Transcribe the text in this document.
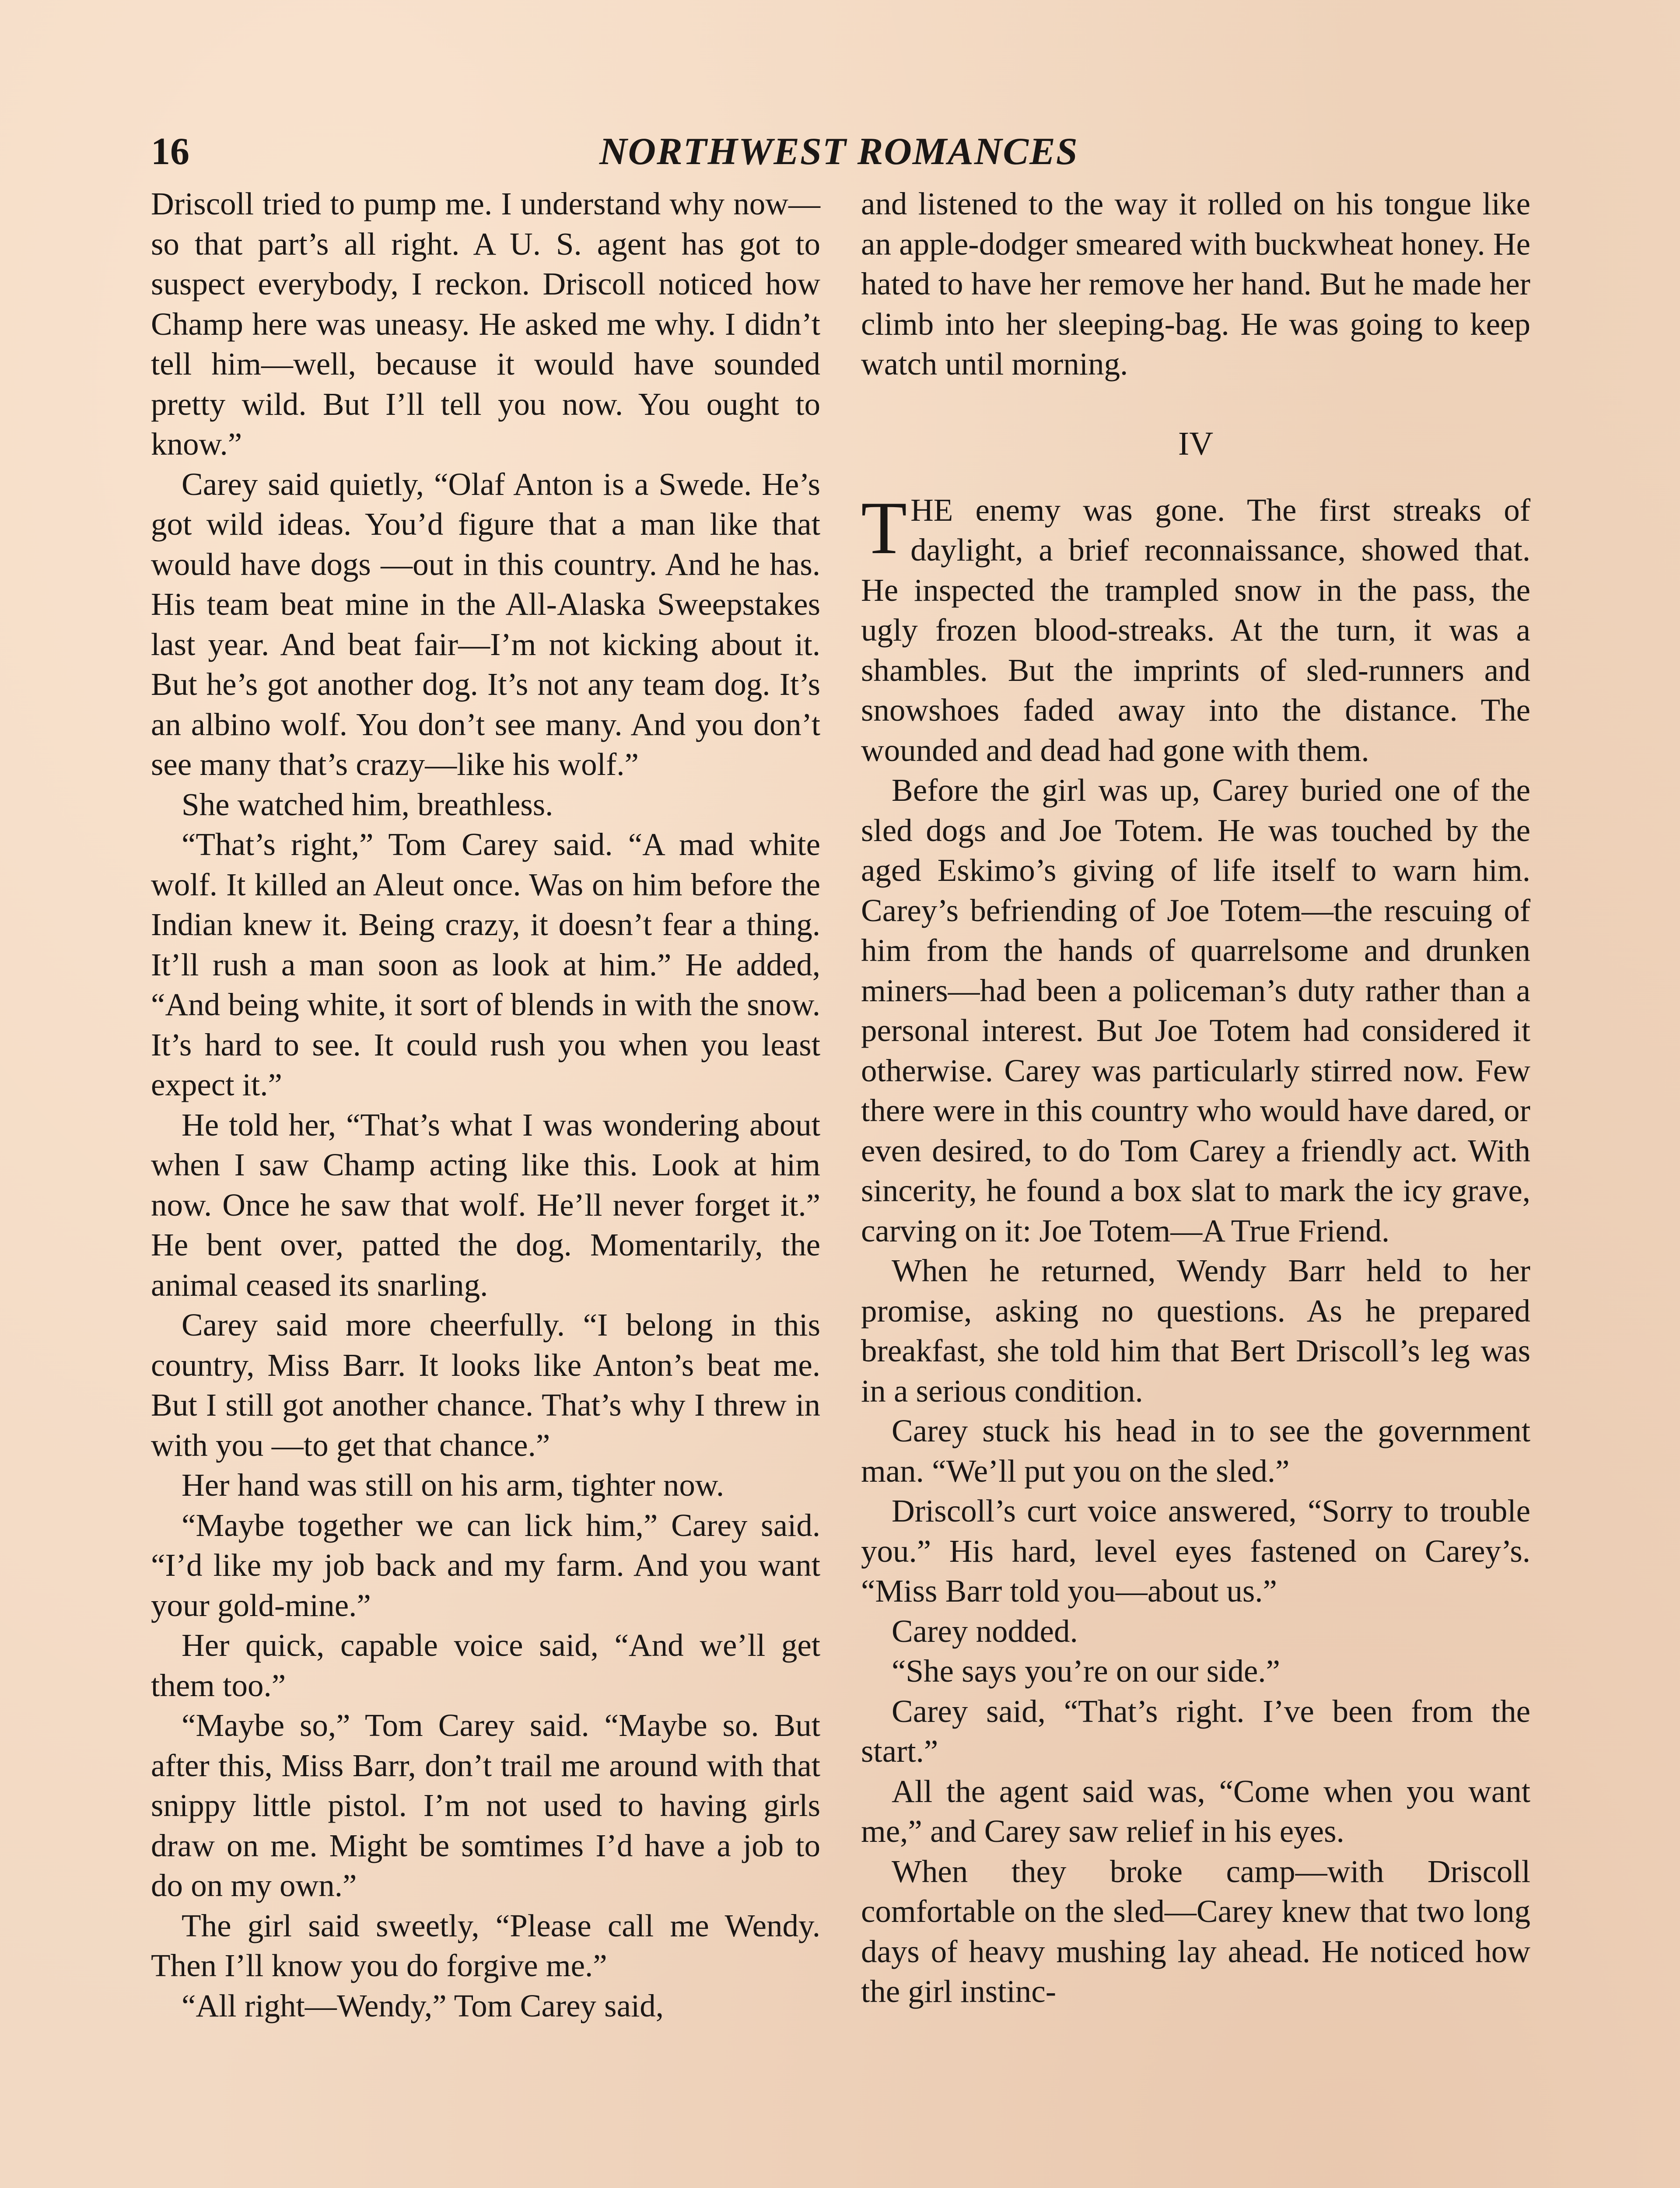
16	NORTHWEST ROMANCES

Driscoll tried to pump me. I understand why now—so that part’s all right. A U. S. agent has got to suspect everybody, I reckon. Driscoll noticed how Champ here was uneasy. He asked me why. I didn’t tell him—well, because it would have sounded pretty wild. But I’ll tell you now. You ought to know.”

Carey said quietly, “Olaf Anton is a Swede. He’s got wild ideas. You’d figure that a man like that would have dogs —out in this country. And he has. His team beat mine in the All-Alaska Sweepstakes last year. And beat fair—I’m not kicking about it. But he’s got another dog. It’s not any team dog. It’s an albino wolf. You don’t see many. And you don’t see many that’s crazy—like his wolf.”

She watched him, breathless.

“That’s right,” Tom Carey said. “A mad white wolf. It killed an Aleut once. Was on him before the Indian knew it. Being crazy, it doesn’t fear a thing. It’ll rush a man soon as look at him.” He added, “And being white, it sort of blends in with the snow. It’s hard to see. It could rush you when you least expect it.”

He told her, “That’s what I was wondering about when I saw Champ acting like this. Look at him now. Once he saw that wolf. He’ll never forget it.” He bent over, patted the dog. Momentarily, the animal ceased its snarling.

Carey said more cheerfully. “I belong in this country, Miss Barr. It looks like Anton’s beat me. But I still got another chance. That’s why I threw in with you —to get that chance.”

Her hand was still on his arm, tighter now.

“Maybe together we can lick him,” Carey said. “I’d like my job back and my farm. And you want your gold-mine.”

Her quick, capable voice said, “And we’ll get them too.”

“Maybe so,” Tom Carey said. “Maybe so. But after this, Miss Barr, don’t trail me around with that snippy little pistol. I’m not used to having girls draw on me. Might be somtimes I’d have a job to do on my own.”

The girl said sweetly, “Please call me Wendy. Then I’ll know you do forgive me.”

“All right—Wendy,” Tom Carey said,

and listened to the way it rolled on his tongue like an apple-dodger smeared with buckwheat honey. He hated to have her remove her hand. But he made her climb into her sleeping-bag. He was going to keep watch until morning.

IV

THE enemy was gone. The first streaks of daylight, a brief reconnaissance, showed that. He inspected the trampled snow in the pass, the ugly frozen blood-streaks. At the turn, it was a shambles. But the imprints of sled-runners and snowshoes faded away into the distance. The wounded and dead had gone with them.

Before the girl was up, Carey buried one of the sled dogs and Joe Totem. He was touched by the aged Eskimo’s giving of life itself to warn him. Carey’s befriending of Joe Totem—the rescuing of him from the hands of quarrelsome and drunken miners—had been a policeman’s duty rather than a personal interest. But Joe Totem had considered it otherwise. Carey was particularly stirred now. Few there were in this country who would have dared, or even desired, to do Tom Carey a friendly act. With sincerity, he found a box slat to mark the icy grave, carving on it: Joe Totem—A True Friend.

When he returned, Wendy Barr held to her promise, asking no questions. As he prepared breakfast, she told him that Bert Driscoll’s leg was in a serious condition.

Carey stuck his head in to see the government man. “We’ll put you on the sled.”

Driscoll’s curt voice answered, “Sorry to trouble you.” His hard, level eyes fastened on Carey’s. “Miss Barr told you—about us.”

Carey nodded.

“She says you’re on our side.”

Carey said, “That’s right. I’ve been from the start.”

All the agent said was, “Come when you want me,” and Carey saw relief in his eyes.

When they broke camp—with Driscoll comfortable on the sled—Carey knew that two long days of heavy mushing lay ahead. He noticed how the girl instinc-
